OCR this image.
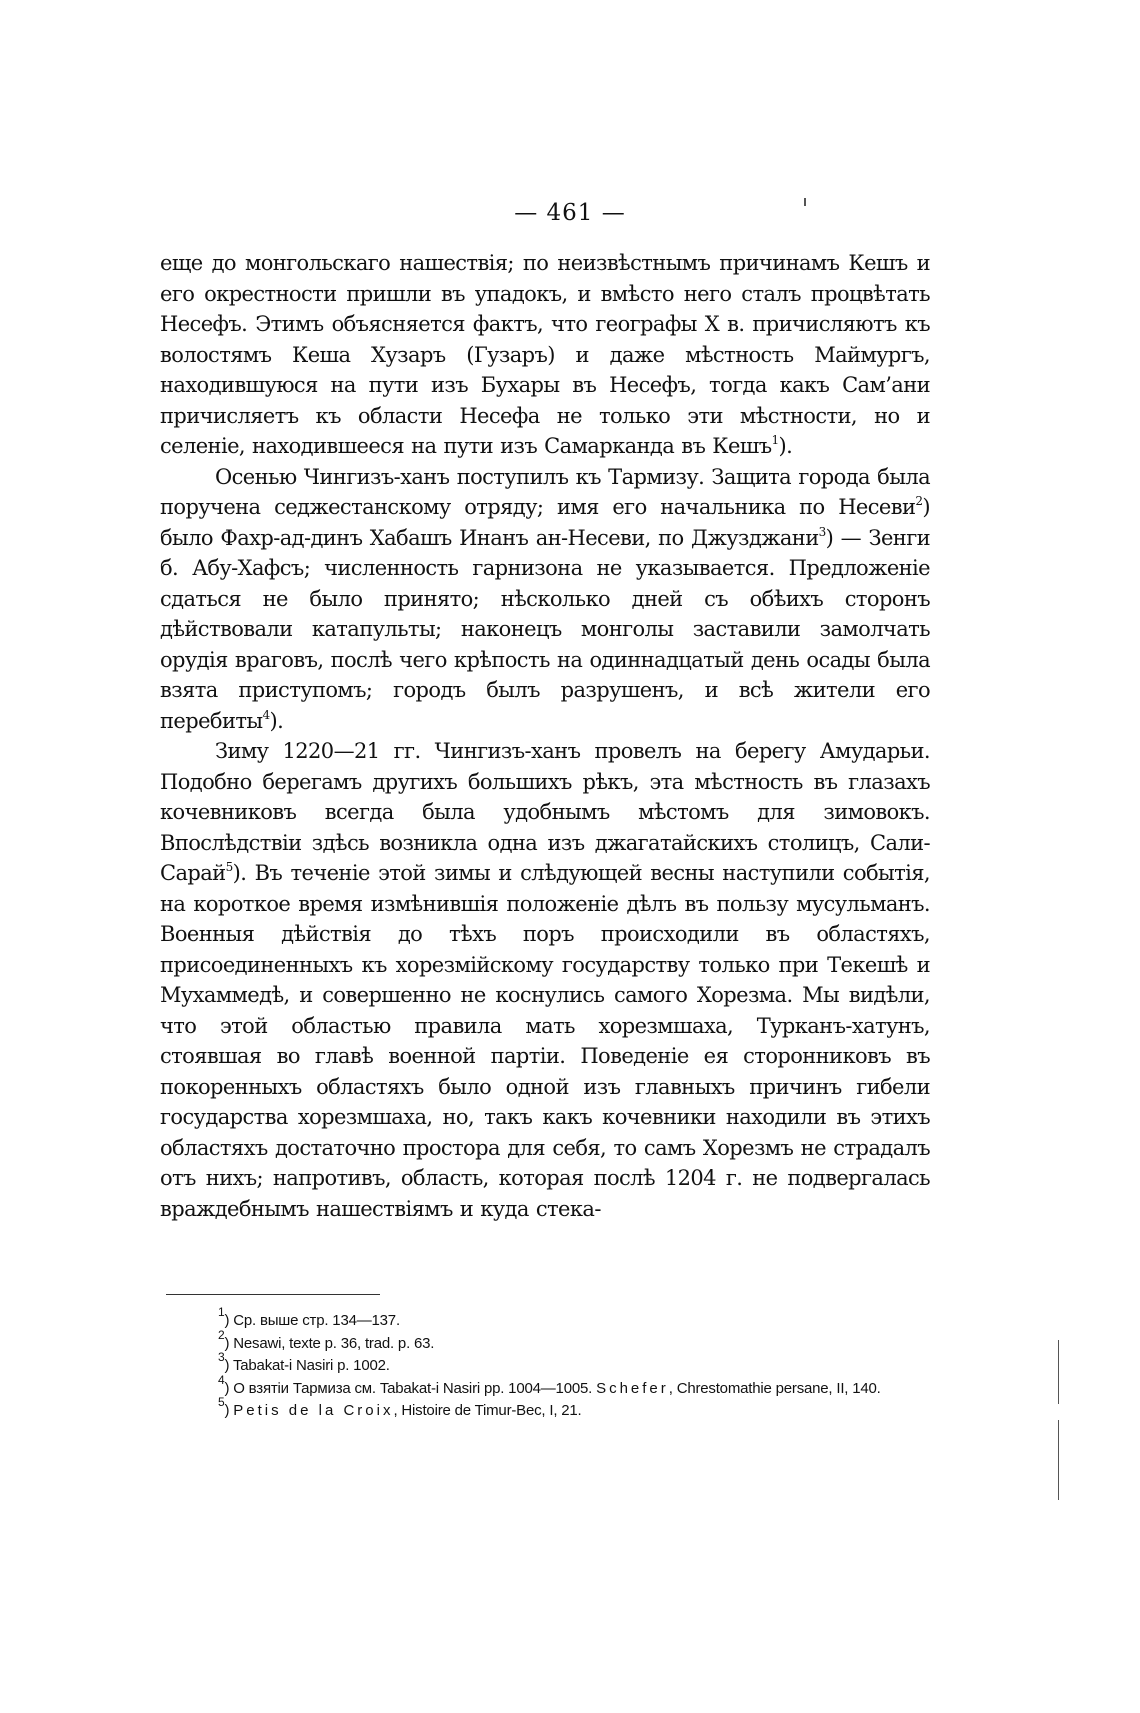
— 461 —

еще до монгольскаго нашествія; по неизвѣстнымъ причинамъ Кешъ и его окрестности пришли въ упадокъ, и вмѣсто него сталъ процвѣтать Несефъ. Этимъ объясняется фактъ, что географы X в. причисляютъ къ волостямъ Кеша Хузаръ (Гузаръ) и даже мѣстность Маймургъ, находившуюся на пути изъ Бухары въ Несефъ, тогда какъ Сам’ани причисляетъ къ области Несефа не только эти мѣстности, но и селеніе, находившееся на пути изъ Самарканда въ Кешъ$^1$).

Осенью Чингизъ-ханъ поступилъ къ Тармизу. Защита города была поручена седжестанскому отряду; имя его начальника по Несеви$^2$) было Фахр-ад-динъ Хабашъ Инанъ ан-Несеви, по Джузджани$^3$) — Зенги б. Абу-Хафсъ; численность гарнизона не указывается. Предложеніе сдаться не было принято; нѣсколько дней съ обѣихъ сторонъ дѣйствовали катапульты; наконецъ монголы заставили замолчать орудія враговъ, послѣ чего крѣпость на одиннадцатый день осады была взята приступомъ; городъ былъ разрушенъ, и всѣ жители его перебиты$^4$).

Зиму 1220—21 гг. Чингизъ-ханъ провелъ на берегу Амударьи. Подобно берегамъ другихъ большихъ рѣкъ, эта мѣстность въ глазахъ кочевниковъ всегда была удобнымъ мѣстомъ для зимовокъ. Впослѣдствіи здѣсь возникла одна изъ джагатайскихъ столицъ, Сали-Сарай$^5$). Въ теченіе этой зимы и слѣдующей весны наступили событія, на короткое время измѣнившія положеніе дѣлъ въ пользу мусульманъ. Военныя дѣйствія до тѣхъ поръ происходили въ областяхъ, присоединенныхъ къ хорезмійскому государству только при Текешѣ и Мухаммедѣ, и совершенно не коснулись самого Хорезма. Мы видѣли, что этой областью правила мать хорезмшаха, Турканъ-хатунъ, стоявшая во главѣ военной партіи. Поведеніе ея сторонниковъ въ покоренныхъ областяхъ было одной изъ главныхъ причинъ гибели государства хорезмшаха, но, такъ какъ кочевники находили въ этихъ областяхъ достаточно простора для себя, то самъ Хорезмъ не страдалъ отъ нихъ; напротивъ, область, которая послѣ 1204 г. не подвергалась враждебнымъ нашествіямъ и куда стека-

$^1$) Ср. выше стр. 134—137.

$^2$) Nesawi, texte p. 36, trad. p. 63.

$^3$) Tabakat-i Nasiri p. 1002.

$^4$) О взятіи Тармиза см. Tabakat-i Nasiri pp. 1004—1005. Schefer, Chrestomathie persane, II, 140.

$^5$) Petis de la Croix, Histoire de Timur-Bec, I, 21.
